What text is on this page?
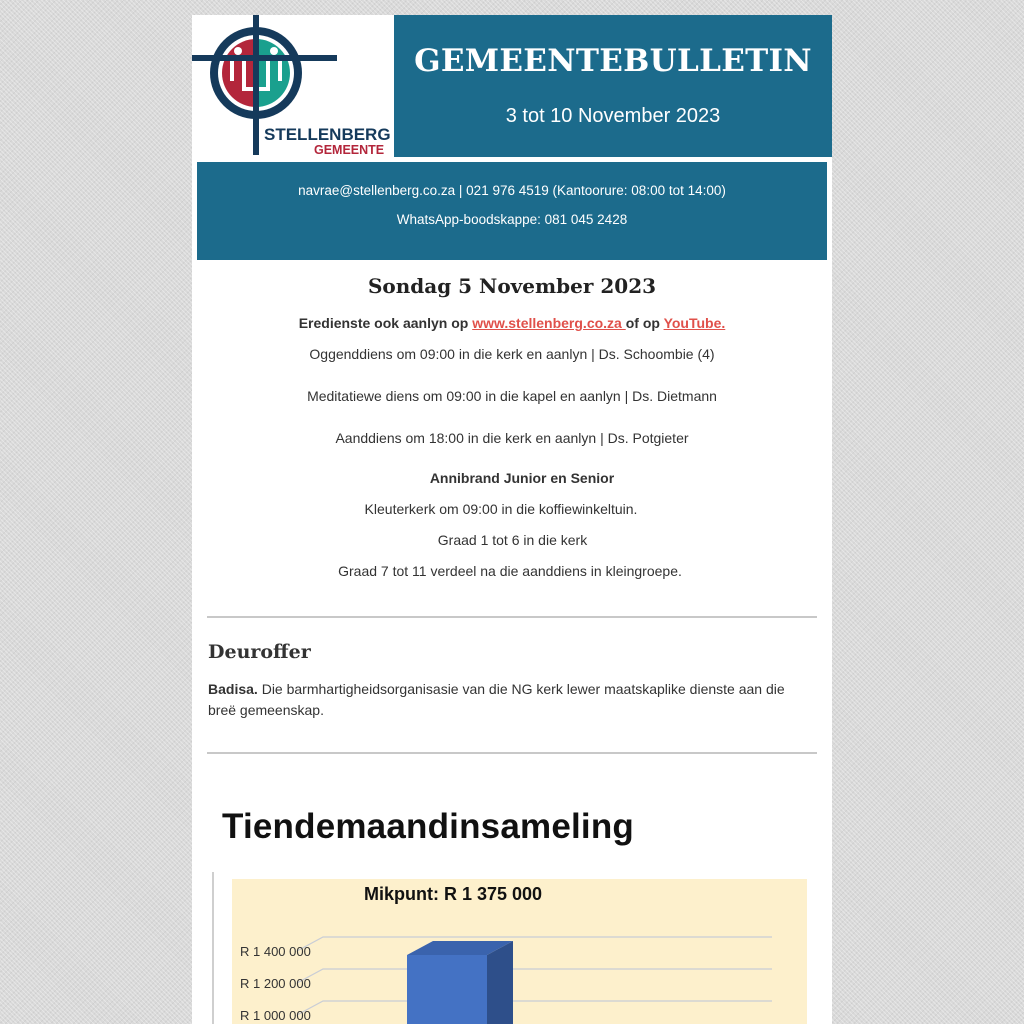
STELLENBERG
GEMEENTE
GEMEENTEBULLETIN
3 tot 10 November 2023
navrae@stellenberg.co.za | 021 976 4519 (Kantoorure: 08:00 tot 14:00)
WhatsApp-boodskappe: 081 045 2428
Sondag 5 November 2023
Eredienste ook aanlyn op www.stellenberg.co.za of op YouTube.
Oggenddiens om 09:00 in die kerk en aanlyn | Ds. Schoombie (4)
Meditatiewe diens om 09:00 in die kapel en aanlyn | Ds. Dietmann
Aanddiens om 18:00 in die kerk en aanlyn | Ds. Potgieter
Annibrand Junior en Senior
Kleuterkerk om 09:00 in die koffiewinkeltuin.
Graad 1 tot 6 in die kerk
Graad 7 tot 11 verdeel na die aanddiens in kleingroepe.
Deuroffer
Badisa. Die barmhartigheidsorganisasie van die NG kerk lewer maatskaplike dienste aan die breë gemeenskap.
Tiendemaandinsameling
Mikpunt: R 1 375 000
R 1 400 000
R 1 200 000
R 1 000 000
